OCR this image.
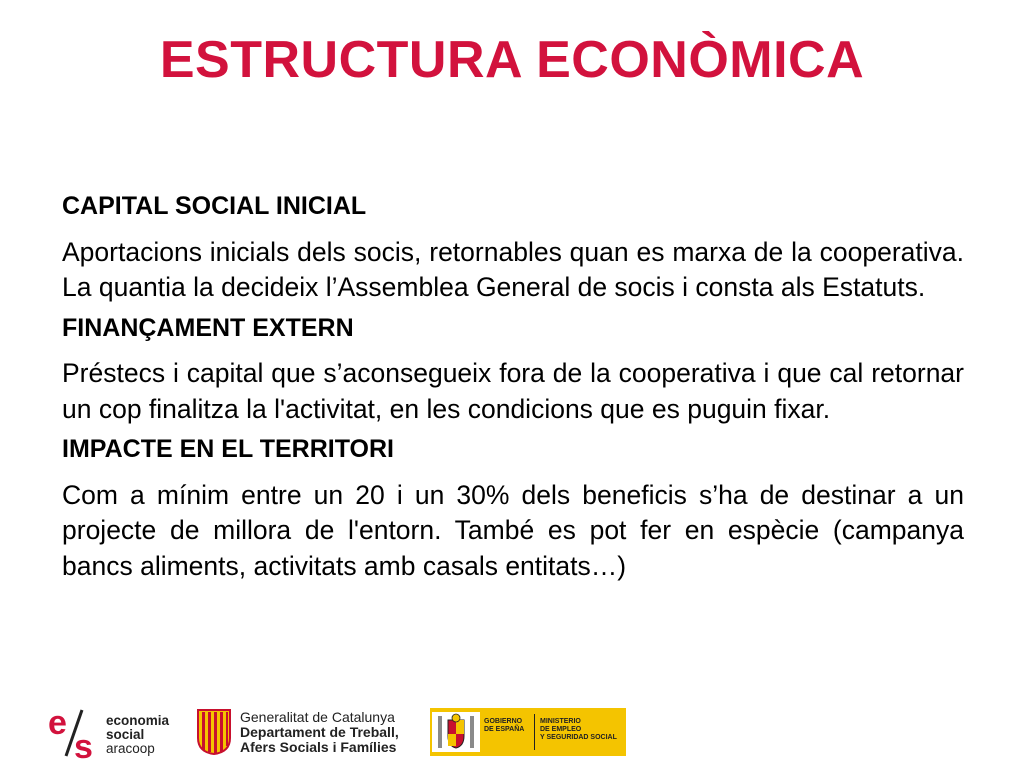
ESTRUCTURA ECONÒMICA
CAPITAL SOCIAL INICIAL
Aportacions inicials dels socis, retornables quan es marxa de la cooperativa. La quantia la decideix l’Assemblea General de socis i consta als Estatuts.
FINANÇAMENT EXTERN
Préstecs i capital que s’aconsegueix fora de la cooperativa i que cal retornar un cop finalitza la l'activitat, en les condicions que es puguin fixar.
IMPACTE EN EL TERRITORI
Com a mínim entre un 20 i un 30% dels beneficis s’ha de destinar a un projecte de millora de l'entorn. També es pot fer en espècie (campanya bancs aliments, activitats amb casals entitats…)
e
s
economia
social
aracoop
Generalitat de Catalunya
Departament de Treball,
Afers Socials i Famílies
GOBIERNO
DE ESPAÑA
MINISTERIO
DE EMPLEO
Y SEGURIDAD SOCIAL
